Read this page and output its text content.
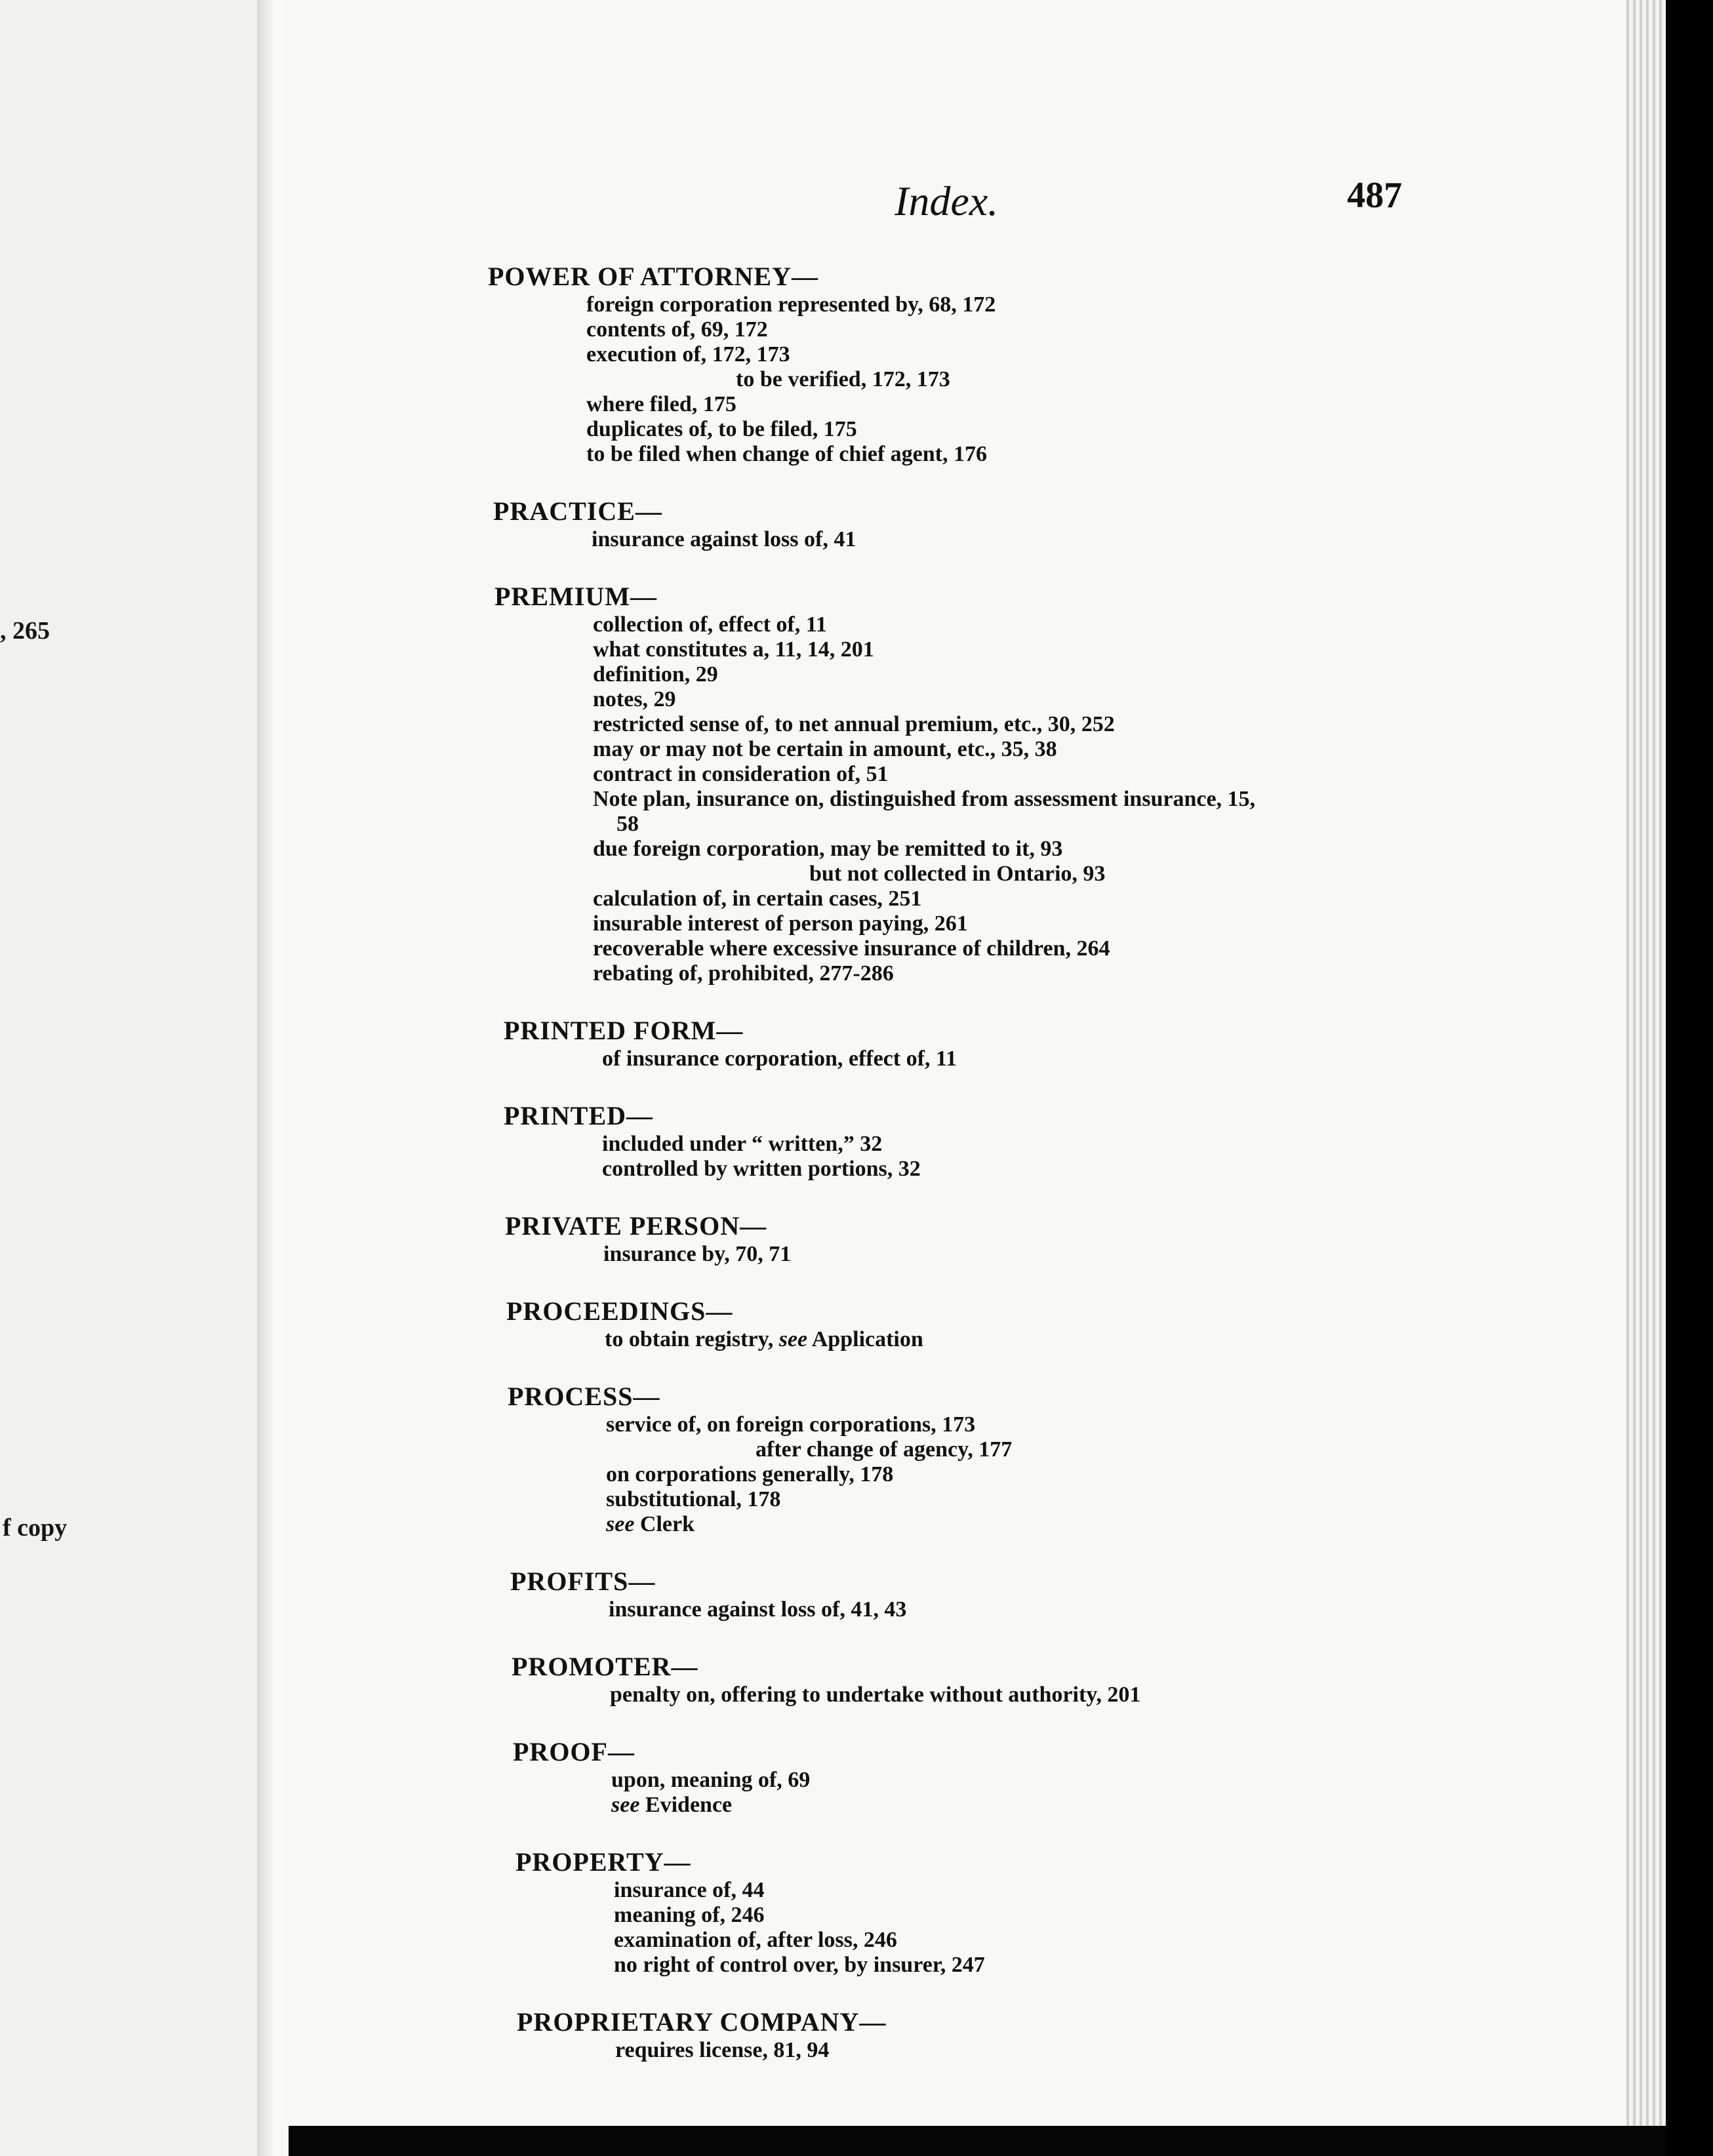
, 265
f copy
Index.	487
POWER OF ATTORNEY—
foreign corporation represented by, 68, 172
contents of, 69, 172
execution of, 172, 173
to be verified, 172, 173
where filed, 175
duplicates of, to be filed, 175
to be filed when change of chief agent, 176
PRACTICE—
insurance against loss of, 41
PREMIUM—
collection of, effect of, 11
what constitutes a, 11, 14, 201
definition, 29
notes, 29
restricted sense of, to net annual premium, etc., 30, 252
may or may not be certain in amount, etc., 35, 38
contract in consideration of, 51
Note plan, insurance on, distinguished from assessment insurance, 15,
58
due foreign corporation, may be remitted to it, 93
but not collected in Ontario, 93
calculation of, in certain cases, 251
insurable interest of person paying, 261
recoverable where excessive insurance of children, 264
rebating of, prohibited, 277-286
PRINTED FORM—
of insurance corporation, effect of, 11
PRINTED—
included under “ written,” 32
controlled by written portions, 32
PRIVATE PERSON—
insurance by, 70, 71
PROCEEDINGS—
to obtain registry, see Application
PROCESS—
service of, on foreign corporations, 173
after change of agency, 177
on corporations generally, 178
substitutional, 178
see Clerk
PROFITS—
insurance against loss of, 41, 43
PROMOTER—
penalty on, offering to undertake without authority, 201
PROOF—
upon, meaning of, 69
see Evidence
PROPERTY—
insurance of, 44
meaning of, 246
examination of, after loss, 246
no right of control over, by insurer, 247
PROPRIETARY COMPANY—
requires license, 81, 94
